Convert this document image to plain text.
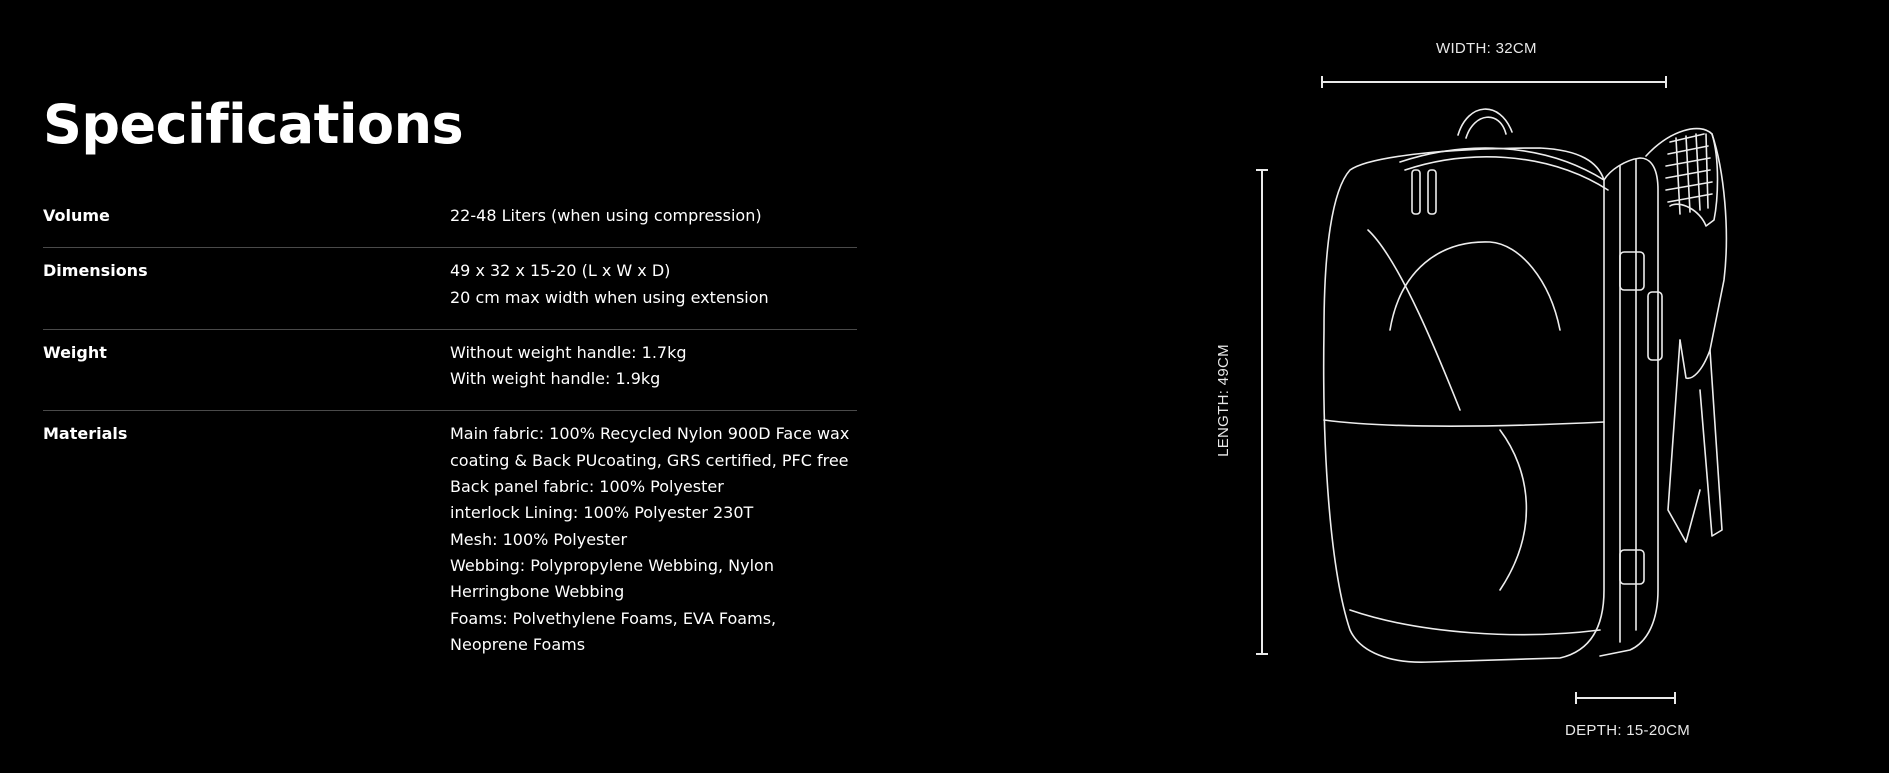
Specifications
Volume	22-48 Liters (when using compression)
Dimensions	49 x 32 x 15-20 (L x W x D)
20 cm max width when using extension
Weight	Without weight handle: 1.7kg
With weight handle: 1.9kg
Materials	Main fabric: 100% Recycled Nylon 900D Face wax
coating & Back PUcoating, GRS certified, PFC free
Back panel fabric: 100% Polyester
interlock Lining: 100% Polyester 230T
Mesh: 100% Polyester
Webbing: Polypropylene Webbing, Nylon
Herringbone Webbing
Foams: Polvethylene Foams, EVA Foams,
Neoprene Foams
WIDTH: 32CM
DEPTH: 15-20CM
LENGTH: 49CM
